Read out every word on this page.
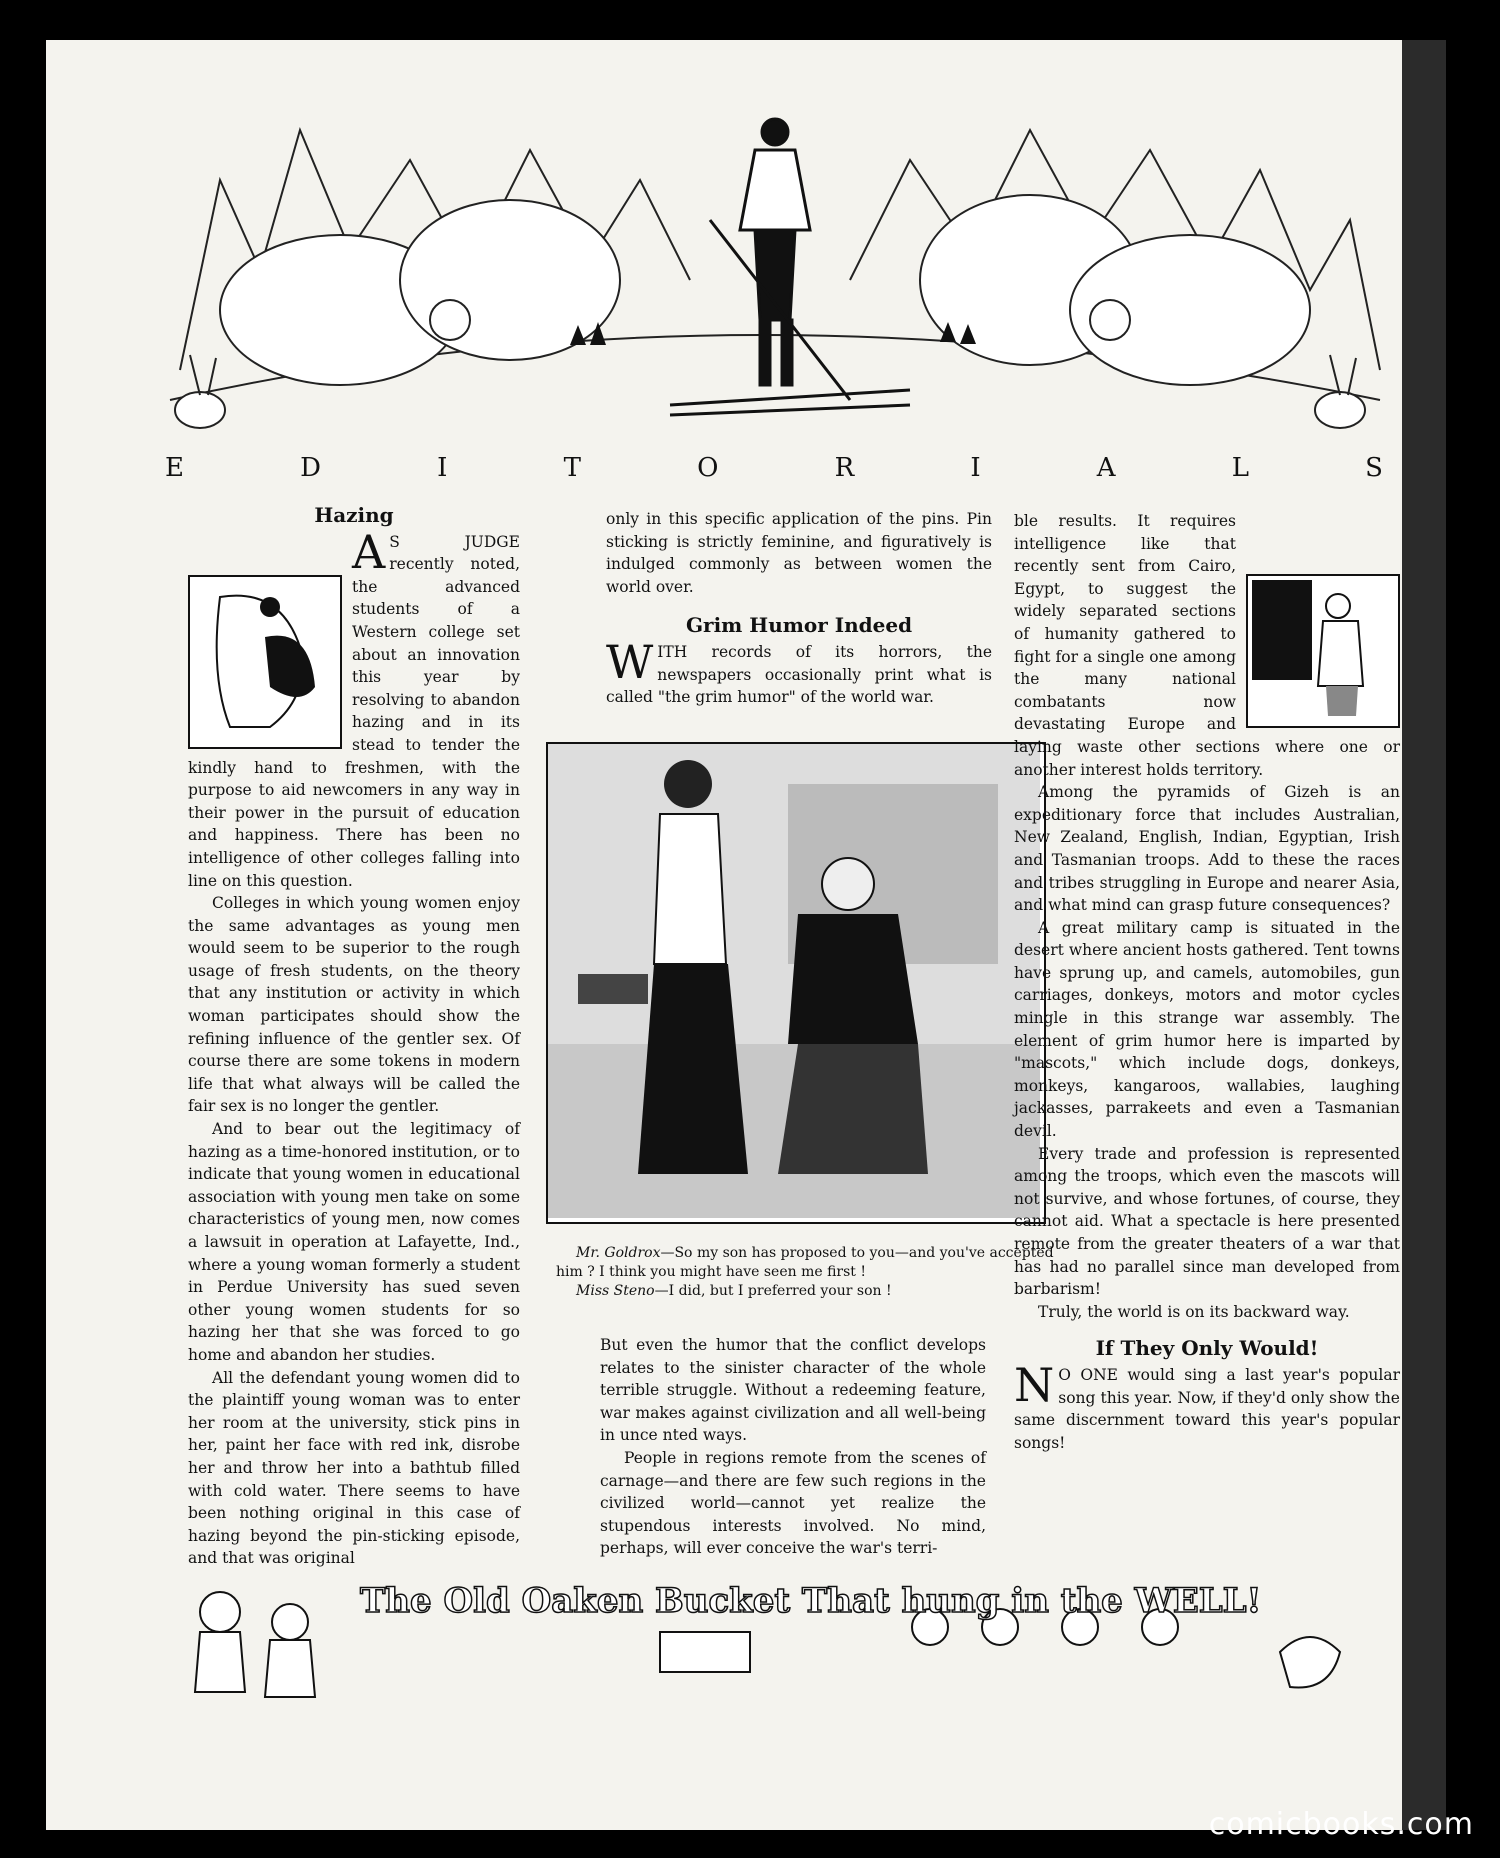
E	D	I	T	O	R	I	A	L	S
Hazing

A S JUDGE recently noted, the advanced students of a Western college set about an innovation this year by resolving to abandon hazing and in its stead to tender the kindly hand to freshmen, with the purpose to aid newcomers in any way in their power in the pursuit of education and happiness. There has been no intelligence of other colleges falling into line on this question.

Colleges in which young women enjoy the same advantages as young men would seem to be superior to the rough usage of fresh students, on the theory that any institution or activity in which woman participates should show the refining influence of the gentler sex. Of course there are some tokens in modern life that what always will be called the fair sex is no longer the gentler.

And to bear out the legitimacy of hazing as a time-honored institution, or to indicate that young women in educational association with young men take on some characteristics of young men, now comes a lawsuit in operation at Lafayette, Ind., where a young woman formerly a student in Perdue University has sued seven other young women students for so hazing her that she was forced to go home and abandon her studies.

All the defendant young women did to the plaintiff young woman was to enter her room at the university, stick pins in her, paint her face with red ink, disrobe her and throw her into a bathtub filled with cold water. There seems to have been nothing original in this case of hazing beyond the pin-sticking episode, and that was original

only in this specific application of the pins. Pin sticking is strictly feminine, and figuratively is indulged commonly as between women the world over.

Grim Humor Indeed

WITH records of its horrors, the newspapers occasionally print what is called "the grim humor" of the world war.

Mr. Goldrox—So my son has proposed to you—and you've accepted him ? I think you might have seen me first !
Miss Steno—I did, but I preferred your son !

But even the humor that the conflict develops relates to the sinister character of the whole terrible struggle. Without a redeeming feature, war makes against civilization and all well-being in unce nted ways.

People in regions remote from the scenes of carnage—and there are few such regions in the civilized world—cannot yet realize the stupendous interests involved. No mind, perhaps, will ever conceive the war's terri-

ble results. It requires intelligence like that recently sent from Cairo, Egypt, to suggest the widely separated sections of humanity gathered to fight for a single one among the many national combatants now devastating Europe and laying waste other sections where one or another interest holds territory.

Among the pyramids of Gizeh is an expeditionary force that includes Australian, New Zealand, English, Indian, Egyptian, Irish and Tasmanian troops. Add to these the races and tribes struggling in Europe and nearer Asia, and what mind can grasp future consequences?

A great military camp is situated in the desert where ancient hosts gathered. Tent towns have sprung up, and camels, automobiles, gun carriages, donkeys, motors and motor cycles mingle in this strange war assembly. The element of grim humor here is imparted by "mascots," which include dogs, donkeys, monkeys, kangaroos, wallabies, laughing jackasses, parrakeets and even a Tasmanian devil.

Every trade and profession is represented among the troops, which even the mascots will not survive, and whose fortunes, of course, they cannot aid. What a spectacle is here presented remote from the greater theaters of a war that has had no parallel since man developed from barbarism!

Truly, the world is on its backward way.

If They Only Would!

N O ONE would sing a last year's popular song this year. Now, if they'd only show the same discernment toward this year's popular songs!

The Old Oaken Bucket That hung in the WELL!
comicbooks.com
